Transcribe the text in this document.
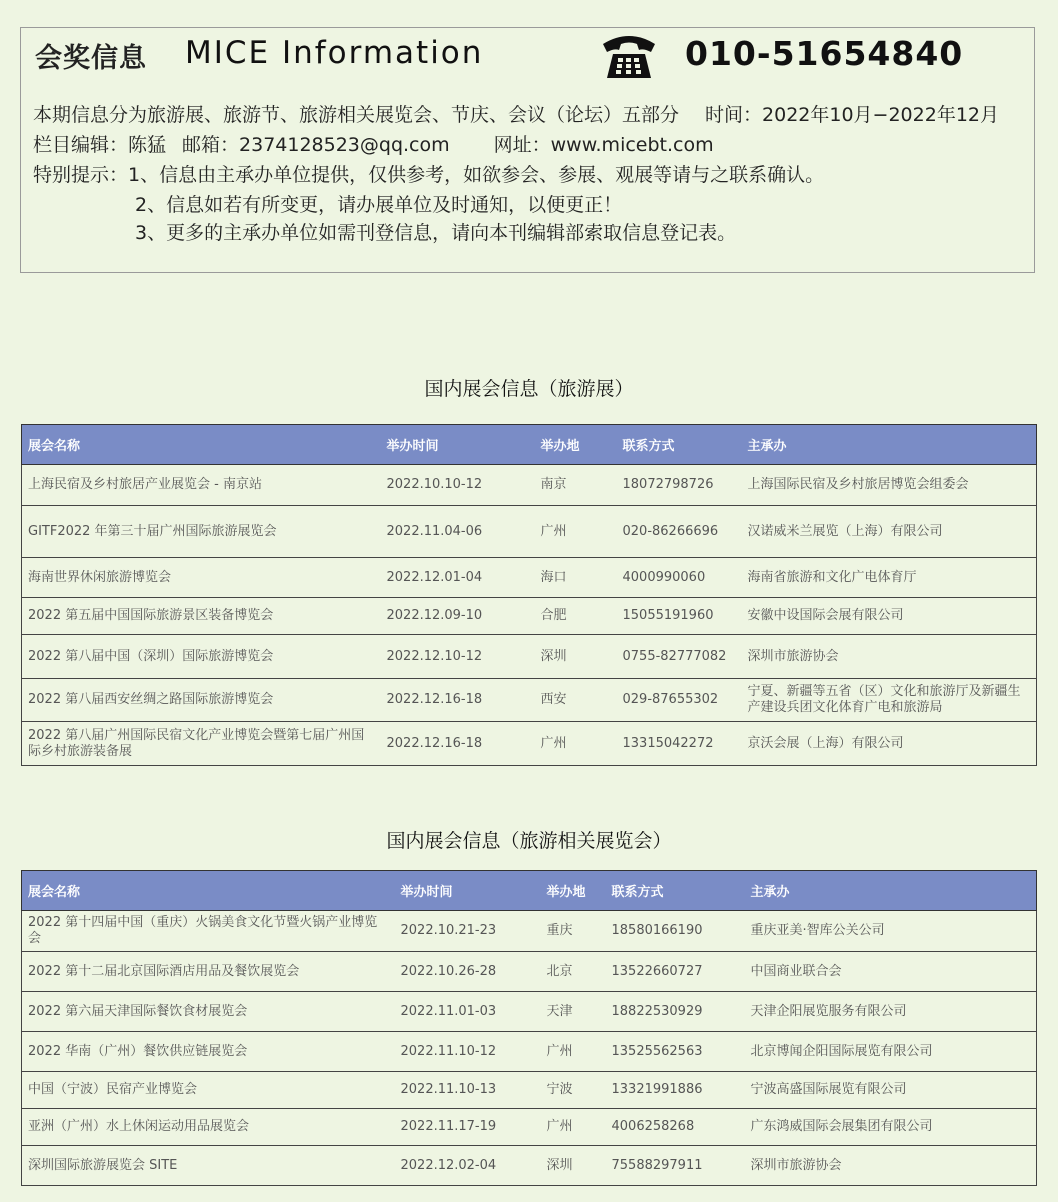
会奖信息 MICE Information	010-51654840
本期信息分为旅游展、旅游节、旅游相关展览会、节庆、会议（论坛）五部分 时间：2022年10月−2022年12月
栏目编辑：陈猛 邮箱：2374128523@qq.com 网址：www.micebt.com
特别提示：1、信息由主承办单位提供，仅供参考，如欲参会、参展、观展等请与之联系确认。
2、信息如若有所变更，请办展单位及时通知，以便更正！
3、更多的主承办单位如需刊登信息，请向本刊编辑部索取信息登记表。
国内展会信息（旅游展）
展会名称	举办时间	举办地	联系方式	主承办
上海民宿及乡村旅居产业展览会 - 南京站	2022.10.10-12	南京	18072798726	上海国际民宿及乡村旅居博览会组委会
GITF2022 年第三十届广州国际旅游展览会	2022.11.04-06	广州	020-86266696	汉诺威米兰展览（上海）有限公司
海南世界休闲旅游博览会	2022.12.01-04	海口	4000990060	海南省旅游和文化广电体育厅
2022 第五届中国国际旅游景区装备博览会	2022.12.09-10	合肥	15055191960	安徽中设国际会展有限公司
2022 第八届中国（深圳）国际旅游博览会	2022.12.10-12	深圳	0755-82777082	深圳市旅游协会
2022 第八届西安丝绸之路国际旅游博览会	2022.12.16-18	西安	029-87655302	宁夏、新疆等五省（区）文化和旅游厅及新疆生产建设兵团文化体育广电和旅游局
2022 第八届广州国际民宿文化产业博览会暨第七届广州国际乡村旅游装备展	2022.12.16-18	广州	13315042272	京沃会展（上海）有限公司
国内展会信息（旅游相关展览会）
展会名称	举办时间	举办地	联系方式	主承办
2022 第十四届中国（重庆）火锅美食文化节暨火锅产业博览会	2022.10.21-23	重庆	18580166190	重庆亚美·智库公关公司
2022 第十二届北京国际酒店用品及餐饮展览会	2022.10.26-28	北京	13522660727	中国商业联合会
2022 第六届天津国际餐饮食材展览会	2022.11.01-03	天津	18822530929	天津企阳展览服务有限公司
2022 华南（广州）餐饮供应链展览会	2022.11.10-12	广州	13525562563	北京博闻企阳国际展览有限公司
中国（宁波）民宿产业博览会	2022.11.10-13	宁波	13321991886	宁波高盛国际展览有限公司
亚洲（广州）水上休闲运动用品展览会	2022.11.17-19	广州	4006258268	广东鸿威国际会展集团有限公司
深圳国际旅游展览会 SITE	2022.12.02-04	深圳	75588297911	深圳市旅游协会
